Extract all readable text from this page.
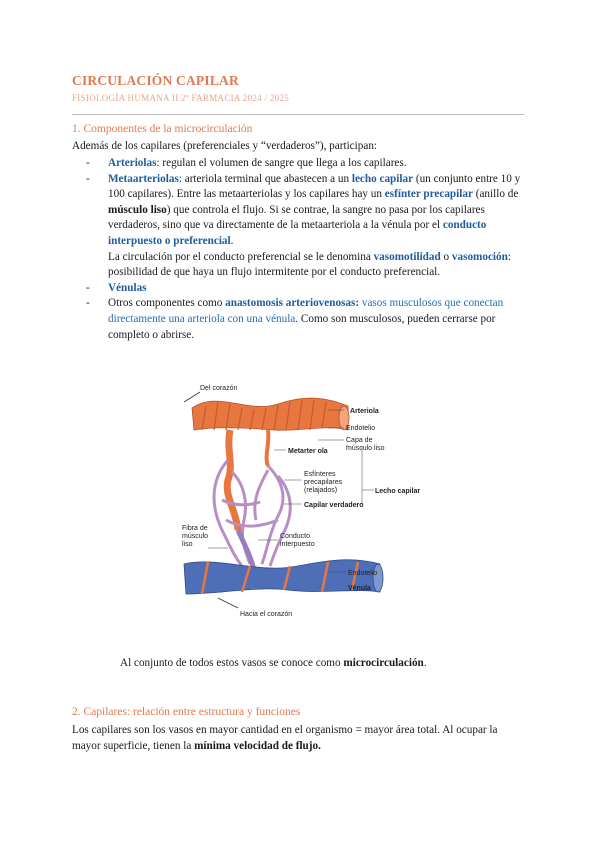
CIRCULACIÓN CAPILAR
FISIOLOGÍA HUMANA II 2º FARMACIA 2024 / 2025
1. Componentes de la microcirculación
Además de los capilares (preferenciales y “verdaderos”), participan:
- Arteriolas: regulan el volumen de sangre que llega a los capilares.
- Metaarteriolas: arteriola terminal que abastecen a un lecho capilar (un conjunto entre 10 y 100 capilares). Entre las metaarteriolas y los capilares hay un esfínter precapilar (anillo de músculo liso) que controla el flujo. Si se contrae, la sangre no pasa por los capilares verdaderos, sino que va directamente de la metaarteriola a la vénula por el conducto interpuesto o preferencial.
La circulación por el conducto preferencial se le denomina vasomotilidad o vasomoción: posibilidad de que haya un flujo intermitente por el conducto preferencial.
- Vénulas
- Otros componentes como anastomosis arteriovenosas: vasos musculosos que conectan directamente una arteriola con una vénula. Como son musculosos, pueden cerrarse por completo o abrirse.
Del corazón
Arteriola
Endotelio
Capa de
músculo liso
Metarter ola
Esfínteres
precapilares
(relajados)	Lecho capilar
Capilar verdadero
Fibra de
músculo
liso
Conducto
interpuesto
Endotelio
Vénula
Hacia el corazón
Al conjunto de todos estos vasos se conoce como microcirculación.
2. Capilares: relación entre estructura y funciones
Los capilares son los vasos en mayor cantidad en el organismo = mayor área total. Al ocupar la mayor superficie, tienen la mínima velocidad de flujo.
